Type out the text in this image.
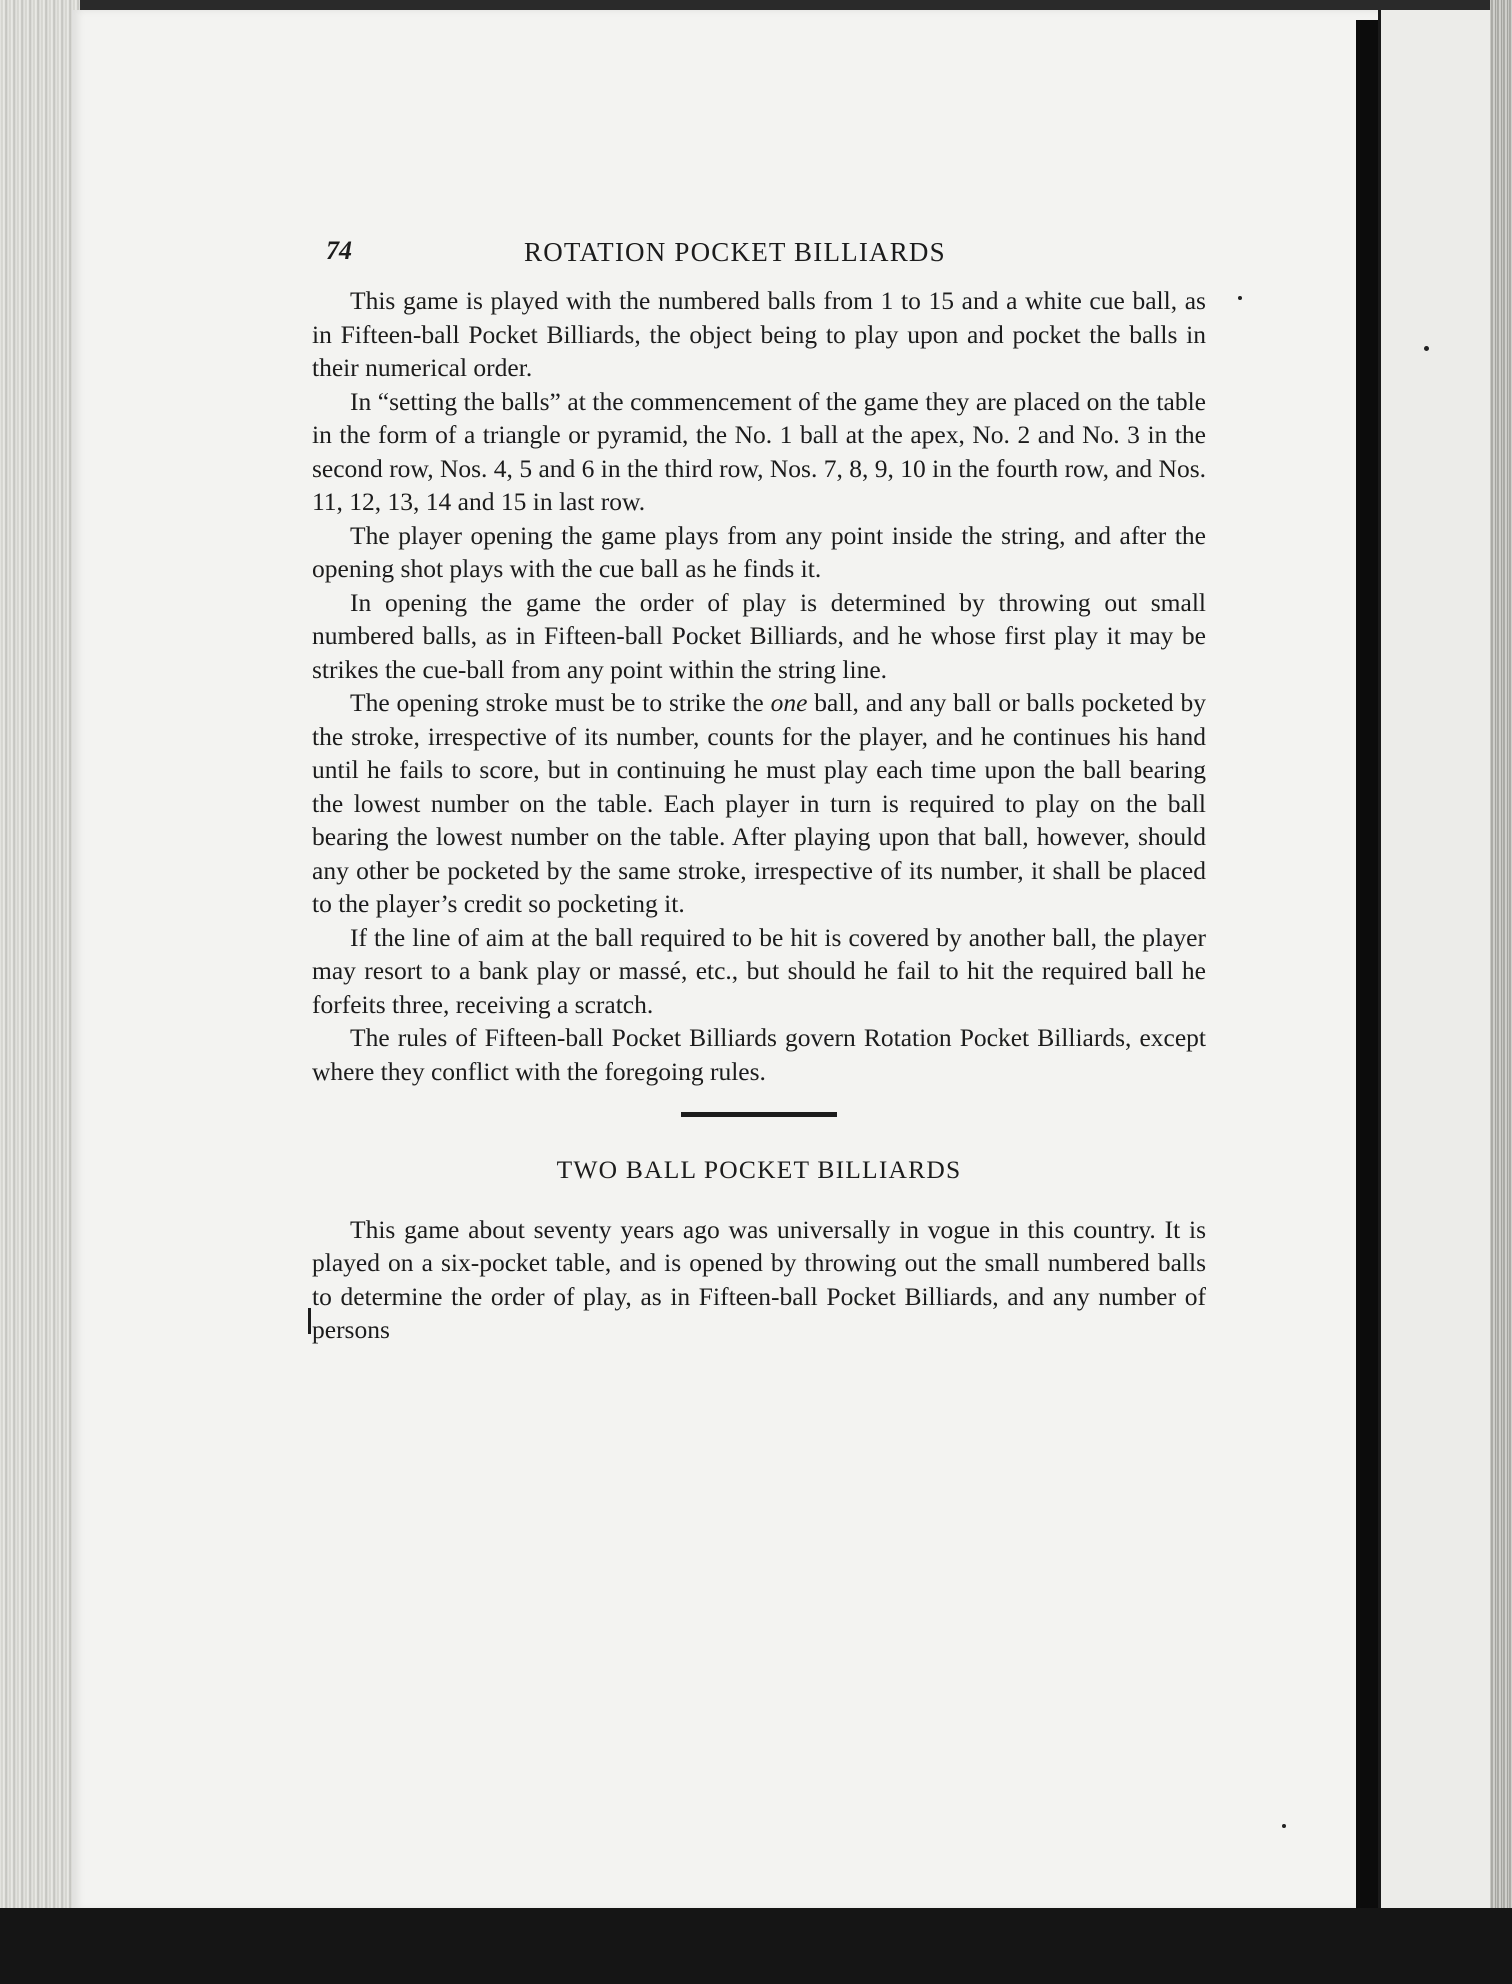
74	ROTATION POCKET BILLIARDS

This game is played with the numbered balls from 1 to 15 and a white cue ball, as in Fifteen-ball Pocket Billiards, the object being to play upon and pocket the balls in their numerical order.

In “setting the balls” at the commencement of the game they are placed on the table in the form of a triangle or pyramid, the No. 1 ball at the apex, No. 2 and No. 3 in the second row, Nos. 4, 5 and 6 in the third row, Nos. 7, 8, 9, 10 in the fourth row, and Nos. 11, 12, 13, 14 and 15 in last row.

The player opening the game plays from any point inside the string, and after the opening shot plays with the cue ball as he finds it.

In opening the game the order of play is determined by throwing out small numbered balls, as in Fifteen-ball Pocket Billiards, and he whose first play it may be strikes the cue-ball from any point within the string line.

The opening stroke must be to strike the one ball, and any ball or balls pocketed by the stroke, irrespective of its number, counts for the player, and he continues his hand until he fails to score, but in continuing he must play each time upon the ball bearing the lowest number on the table. Each player in turn is required to play on the ball bearing the lowest number on the table. After playing upon that ball, however, should any other be pocketed by the same stroke, irrespective of its number, it shall be placed to the player’s credit so pocketing it.

If the line of aim at the ball required to be hit is covered by another ball, the player may resort to a bank play or massé, etc., but should he fail to hit the required ball he forfeits three, receiving a scratch.

The rules of Fifteen-ball Pocket Billiards govern Rotation Pocket Billiards, except where they conflict with the foregoing rules.

TWO BALL POCKET BILLIARDS

This game about seventy years ago was universally in vogue in this country. It is played on a six-pocket table, and is opened by throwing out the small numbered balls to determine the order of play, as in Fifteen-ball Pocket Billiards, and any number of persons
